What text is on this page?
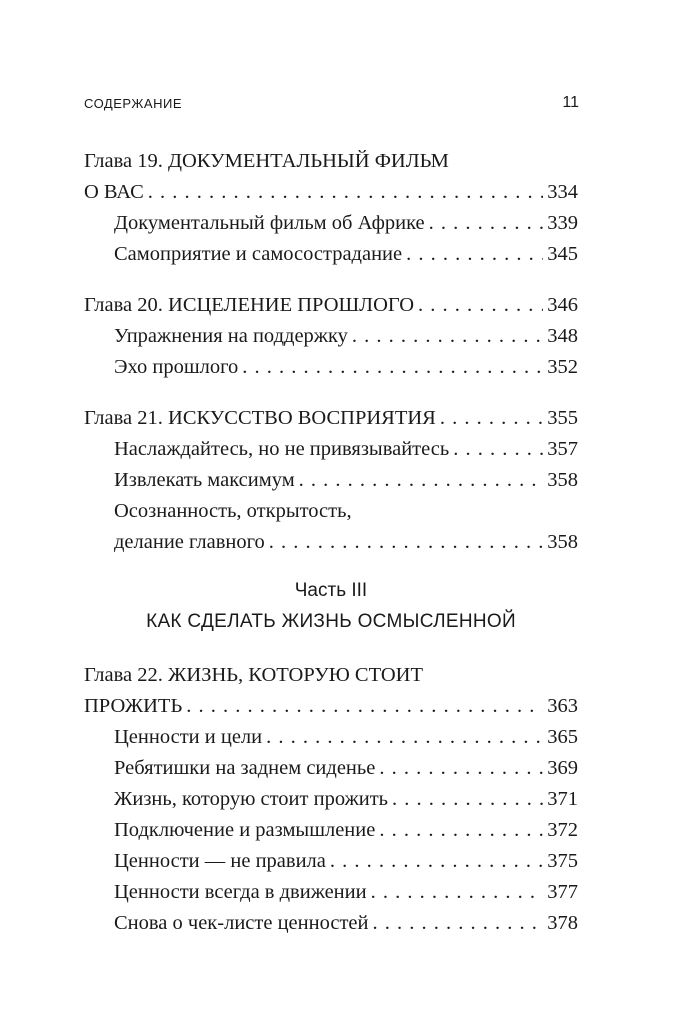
СОДЕРЖАНИЕ	11
Глава 19. ДОКУМЕНТАЛЬНЫЙ ФИЛЬМ
О ВАС . . .	334
Документальный фильм об Африке . . .	339
Самоприятие и самосострадание . . .	345
Глава 20. ИСЦЕЛЕНИЕ ПРОШЛОГО . . .	346
Упражнения на поддержку . . .	348
Эхо прошлого . . .	352
Глава 21. ИСКУССТВО ВОСПРИЯТИЯ . . .	355
Наслаждайтесь, но не привязывайтесь . . .	357
Извлекать максимум . . .	358
Осознанность, открытость,
делание главного . . .	358
Часть III
КАК СДЕЛАТЬ ЖИЗНЬ ОСМЫСЛЕННОЙ
Глава 22. ЖИЗНЬ, КОТОРУЮ СТОИТ
ПРОЖИТЬ . . .	363
Ценности и цели . . .	365
Ребятишки на заднем сиденье . . .	369
Жизнь, которую стоит прожить . . .	371
Подключение и размышление . . .	372
Ценности — не правила . . .	375
Ценности всегда в движении . . .	377
Снова о чек-листе ценностей . . .	378
